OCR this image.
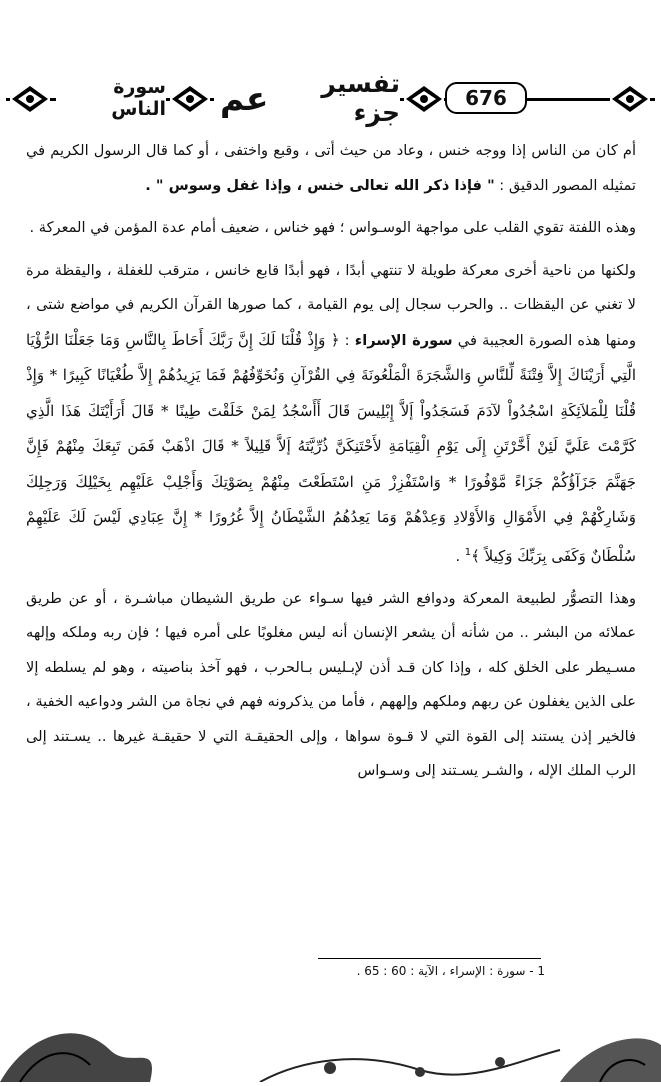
سورة الناس
تفسير جزء
عم	676

أم كان من الناس إذا ووجه خنس ، وعاد من حيث أتى ، وقبع واختفى ، أو كما قال الرسول الكريم في تمثيله المصور الدقيق : " فإذا ذكر الله تعالى خنس ، وإذا غفل وسوس " .

وهذه اللفتة تقوي القلب على مواجهة الوسـواس ؛ فهو خناس ، ضعيف أمام عدة المؤمن في المعركة .

ولكنها من ناحية أخرى معركة طويلة لا تنتهي أبدًا ، فهو أبدًا قابع خانس ، مترقب للغفلة ، واليقظة مرة لا تغني عن اليقظات .. والحرب سجال إلى يوم القيامة ، كما صورها القرآن الكريم في مواضع شتى ، ومنها هذه الصورة العجيبة في سورة الإسراء : ﴿ وَإِذْ قُلْنَا لَكَ إِنَّ رَبَّكَ أَحَاطَ بِالنَّاسِ وَمَا جَعَلْنَا الرُّؤْيَا الَّتِي أَرَيْنَاكَ إِلاَّ فِتْنَةً لِّلنَّاسِ وَالشَّجَرَةَ الْمَلْعُونَةَ فِي القُرْآنِ وَنُخَوِّفُهُمْ فَمَا يَزِيدُهُمْ إِلاَّ طُغْيَانًا كَبِيرًا * وَإِذْ قُلْنَا لِلْمَلاَئِكَةِ اسْجُدُواْ لآدَمَ فَسَجَدُواْ إَلاَّ إِبْلِيسَ قَالَ أَأَسْجُدُ لِمَنْ خَلَقْتَ طِينًا * قَالَ أَرَأَيْتَكَ هَذَا الَّذِي كَرَّمْتَ عَلَيَّ لَئِنْ أَخَّرْتَنِ إِلَى يَوْمِ الْقِيَامَةِ لأَحْتَنِكَنَّ ذُرِّيَّتَهُ إَلاَّ قَلِيلاً * قَالَ اذْهَبْ فَمَن تَبِعَكَ مِنْهُمْ فَإِنَّ جَهَنَّمَ جَزَآؤُكُمْ جَزَاءً مَّوْفُورًا * وَاسْتَفْزِزْ مَنِ اسْتَطَعْتَ مِنْهُمْ بِصَوْتِكَ وَأَجْلِبْ عَلَيْهِم بِخَيْلِكَ وَرَجِلِكَ وَشَارِكْهُمْ فِي الأَمْوَالِ وَالأَوْلادِ وَعِدْهُمْ وَمَا يَعِدُهُمُ الشَّيْطَانُ إِلاَّ غُرُورًا * إِنَّ عِبَادِي لَيْسَ لَكَ عَلَيْهِمْ سُلْطَانٌ وَكَفَى بِرَبِّكَ وَكِيلاً ﴾$^1$ .

وهذا التصوُّر لطبيعة المعركة ودوافع الشر فيها سـواء عن طريق الشيطان مباشـرة ، أو عن طريق عملائه من البشر .. من شأنه أن يشعر الإنسان أنه ليس مغلوبًا على أمره فيها ؛ فإن ربه وملكه وإلهه مسـيطر على الخلق كله ، وإذا كان قـد أذن لإبـليس بـالحرب ، فهو آخذ بناصيته ، وهو لم يسلطه إلا على الذين يغفلون عن ربهم وملكهم وإلههم ، فأما من يذكرونه فهم في نجاة من الشر ودواعيه الخفية ، فالخير إذن يستند إلى القوة التي لا قـوة سواها ، وإلى الحقيقـة التي لا حقيقـة غيرها .. يسـتند إلى الرب الملك الإله ، والشـر يسـتند إلى وسـواس

1 - سورة : الإسراء ، الآية : 60 : 65 .
